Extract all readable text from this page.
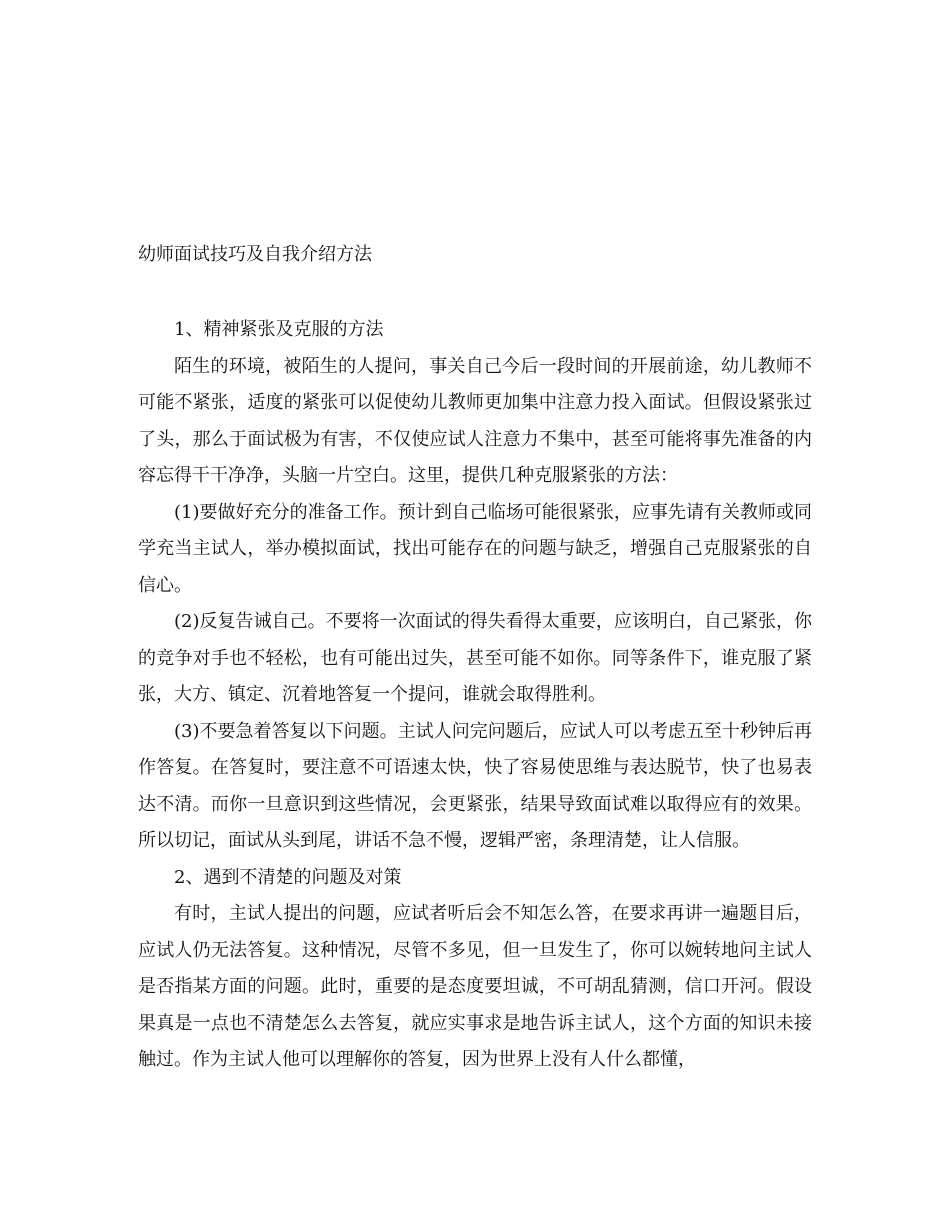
幼师面试技巧及自我介绍方法

1、精神紧张及克服的方法

陌生的环境，被陌生的人提问，事关自己今后一段时间的开展前途，幼儿教师不可能不紧张，适度的紧张可以促使幼儿教师更加集中注意力投入面试。但假设紧张过了头，那么于面试极为有害，不仅使应试人注意力不集中，甚至可能将事先准备的内容忘得干干净净，头脑一片空白。这里，提供几种克服紧张的方法：

(1)要做好充分的准备工作。预计到自己临场可能很紧张，应事先请有关教师或同学充当主试人，举办模拟面试，找出可能存在的问题与缺乏，增强自己克服紧张的自信心。

(2)反复告诫自己。不要将一次面试的得失看得太重要，应该明白，自己紧张，你的竞争对手也不轻松，也有可能出过失，甚至可能不如你。同等条件下，谁克服了紧张，大方、镇定、沉着地答复一个提问，谁就会取得胜利。

(3)不要急着答复以下问题。主试人问完问题后，应试人可以考虑五至十秒钟后再作答复。在答复时，要注意不可语速太快，快了容易使思维与表达脱节，快了也易表达不清。而你一旦意识到这些情况，会更紧张，结果导致面试难以取得应有的效果。所以切记，面试从头到尾，讲话不急不慢，逻辑严密，条理清楚，让人信服。

2、遇到不清楚的问题及对策

有时，主试人提出的问题，应试者听后会不知怎么答，在要求再讲一遍题目后，应试人仍无法答复。这种情况，尽管不多见，但一旦发生了，你可以婉转地问主试人是否指某方面的问题。此时，重要的是态度要坦诚，不可胡乱猜测，信口开河。假设果真是一点也不清楚怎么去答复，就应实事求是地告诉主试人，这个方面的知识未接触过。作为主试人他可以理解你的答复，因为世界上没有人什么都懂，
